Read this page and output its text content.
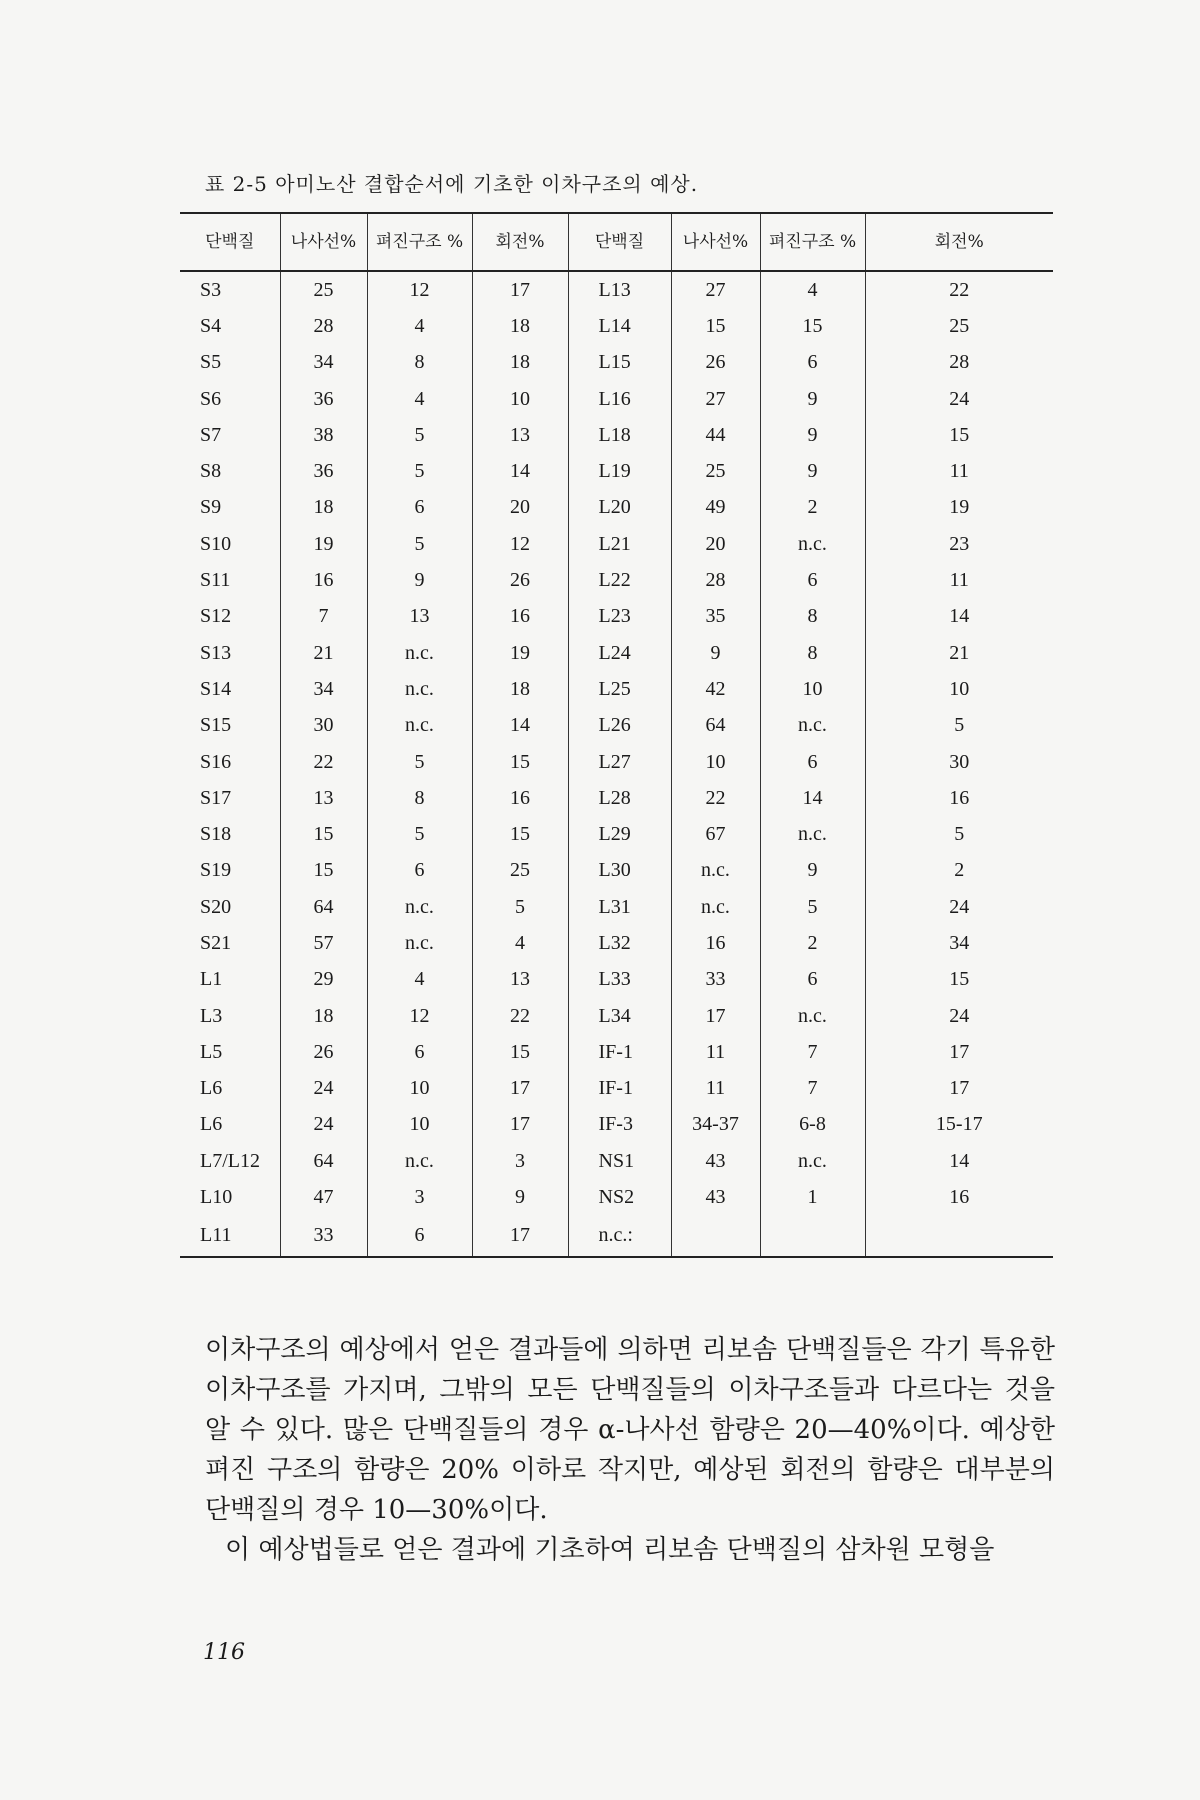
표 2-5 아미노산 결합순서에 기초한 이차구조의 예상.
단백질	나사선%	펴진구조 %	회전%	단백질	나사선%	펴진구조 %	회전%
S3	25	12	17	L13	27	4	22
S4	28	4	18	L14	15	15	25
S5	34	8	18	L15	26	6	28
S6	36	4	10	L16	27	9	24
S7	38	5	13	L18	44	9	15
S8	36	5	14	L19	25	9	11
S9	18	6	20	L20	49	2	19
S10	19	5	12	L21	20	n.c.	23
S11	16	9	26	L22	28	6	11
S12	7	13	16	L23	35	8	14
S13	21	n.c.	19	L24	9	8	21
S14	34	n.c.	18	L25	42	10	10
S15	30	n.c.	14	L26	64	n.c.	5
S16	22	5	15	L27	10	6	30
S17	13	8	16	L28	22	14	16
S18	15	5	15	L29	67	n.c.	5
S19	15	6	25	L30	n.c.	9	2
S20	64	n.c.	5	L31	n.c.	5	24
S21	57	n.c.	4	L32	16	2	34
L1	29	4	13	L33	33	6	15
L3	18	12	22	L34	17	n.c.	24
L5	26	6	15	IF-1	11	7	17
L6	24	10	17	IF-1	11	7	17
L6	24	10	17	IF-3	34-37	6-8	15-17
L7/L12	64	n.c.	3	NS1	43	n.c.	14
L10	47	3	9	NS2	43	1	16
L11	33	6	17	n.c.:			

이차구조의 예상에서 얻은 결과들에 의하면 리보솜 단백질들은 각기 특유한 이차구조를 가지며, 그밖의 모든 단백질들의 이차구조들과 다르다는 것을 알 수 있다. 많은 단백질들의 경우 α-나사선 함량은 20—40%이다. 예상한 펴진 구조의 함량은 20% 이하로 작지만, 예상된 회전의 함량은 대부분의 단백질의 경우 10—30%이다.

이 예상법들로 얻은 결과에 기초하여 리보솜 단백질의 삼차원 모형을

116
